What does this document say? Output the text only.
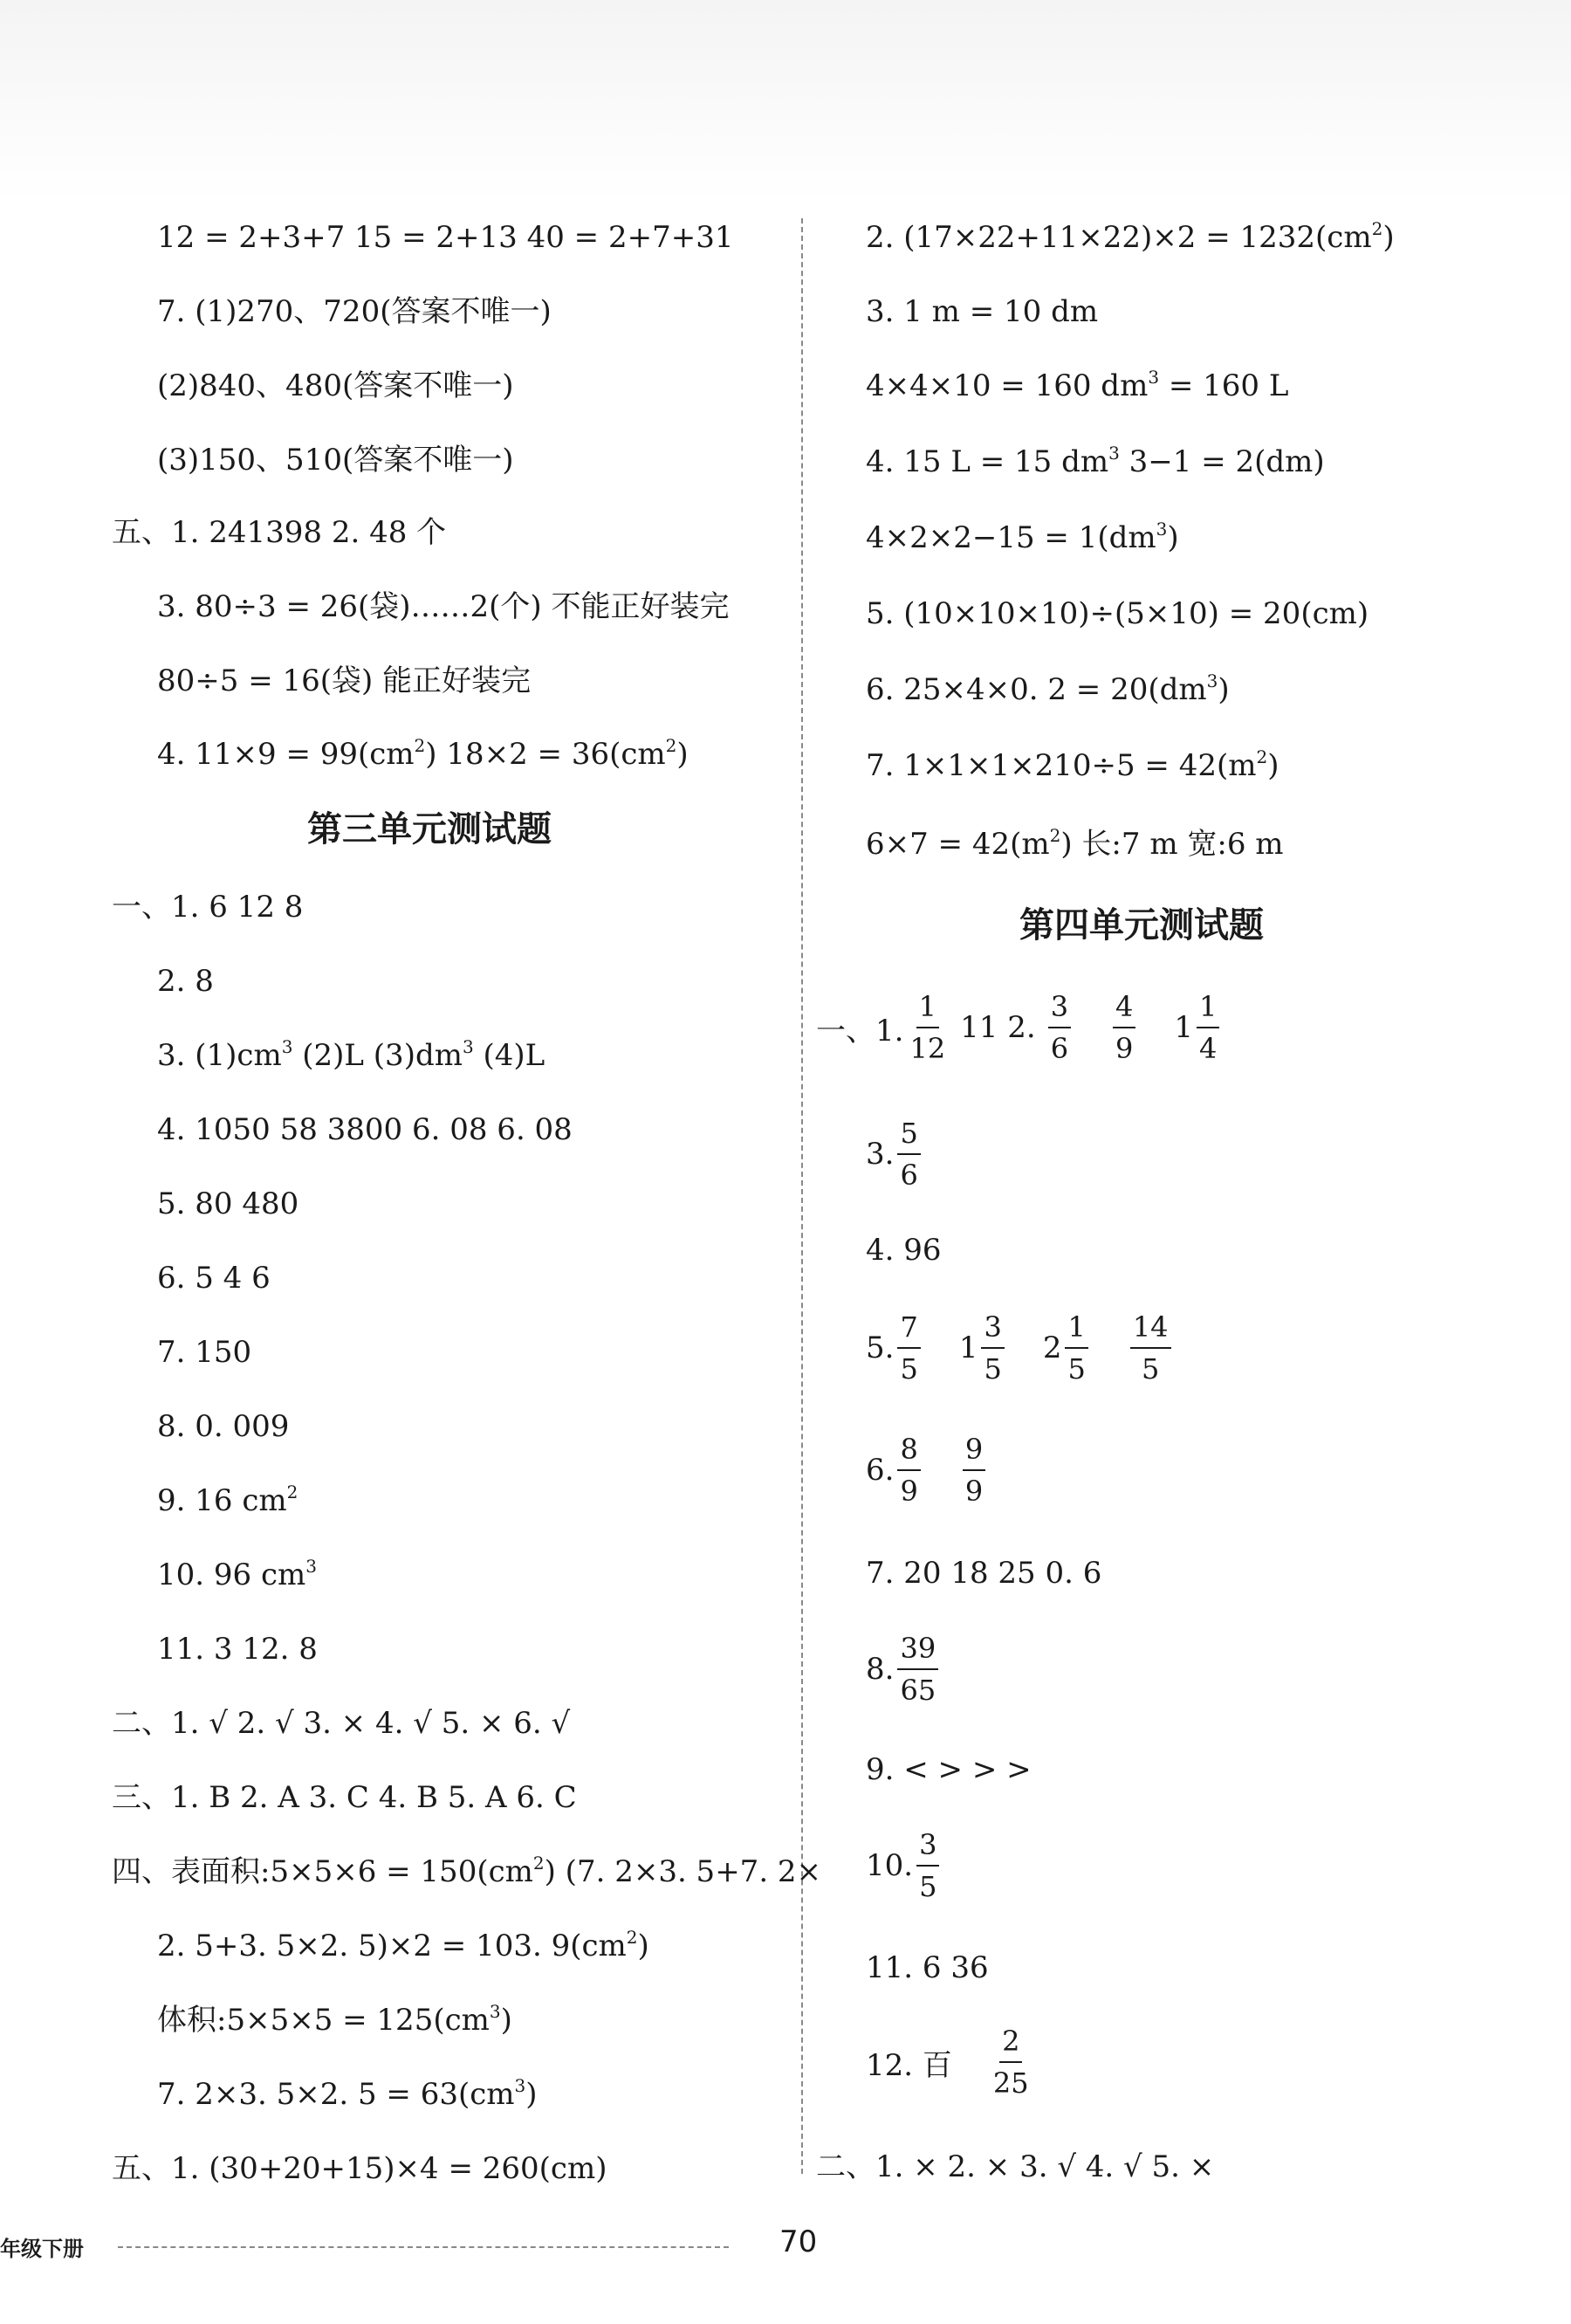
12 = 2+3+7 15 = 2+13 40 = 2+7+31
7. (1)270、720(答案不唯一)
(2)840、480(答案不唯一)
(3)150、510(答案不唯一)
五、1. 241398 2. 48 个
3. 80÷3 = 26(袋)……2(个) 不能正好装完
80÷5 = 16(袋) 能正好装完
4. $11\times 9 = 99(cm^2) 18\times 2 = 36(cm^2)$
第三单元测试题
一、1. 6 12 8
2. 8
3. $(1)cm^3$ (2)L $(3)dm^3$ (4)L
4. 1050 58 3800 6. 08 6. 08
5. 80 480
6. 5 4 6
7. 150
8. 0. 009
9. 16 $cm^2$
10. 96 $cm^3$
11. 3 12. 8
二、1. √ 2. √ 3. × 4. √ 5. × 6. √
三、1. B 2. A 3. C 4. B 5. A 6. C
四、表面积:5×5×6 = $150(cm^2)$ (7. 2×3. 5+7. 2×
2. 5+3. 5×2. 5)×2 = 103. $9(cm^2)$
体积:5×5×5 = $125(cm^3)$
7. 2×3. 5×2. $5 = 63(cm^3)$
五、1. (30+20+15)×4 = 260(cm)
2. $(17\times 22+11\times 22)\times 2 = 1232(cm^2)$
3. 1 m = 10 dm
4×4×10 = 160 $dm^3 = 160$ L
4. 15 L = 15 $dm^3$ 3−1 = 2(dm)
$4\times 2\times 2-15 = 1(dm^3)$
5. (10×10×10)÷(5×10) = 20(cm)
6. 25×4×0. $2 = 20(dm^3)$
7. $1\times 1\times 1\times 210\div 5 = 42(m^2)$
$6\times 7 = 42(m^2)$ 长:7 m 宽:6 m
第四单元测试题
一、1. $\frac{1}{12} 11$ 2. $\frac{3}{6} \frac{4}{9} 1 \frac{1}{4}$
3. $\frac{5}{6}$
4. 96
5. $\frac{7}{5} 1 \frac{3}{5} 2 \frac{1}{5} \frac{14}{5}$
6. $\frac{8}{9} \frac{9}{9}$
7. 20 18 25 0. 6
8. $\frac{39}{65}$
9. < > > >
10. $\frac{3}{5}$
11. 6 36
12. 百 $\frac{2}{25}$
二、1. × 2. × 3. √ 4. √ 5. ×
年级下册	70
